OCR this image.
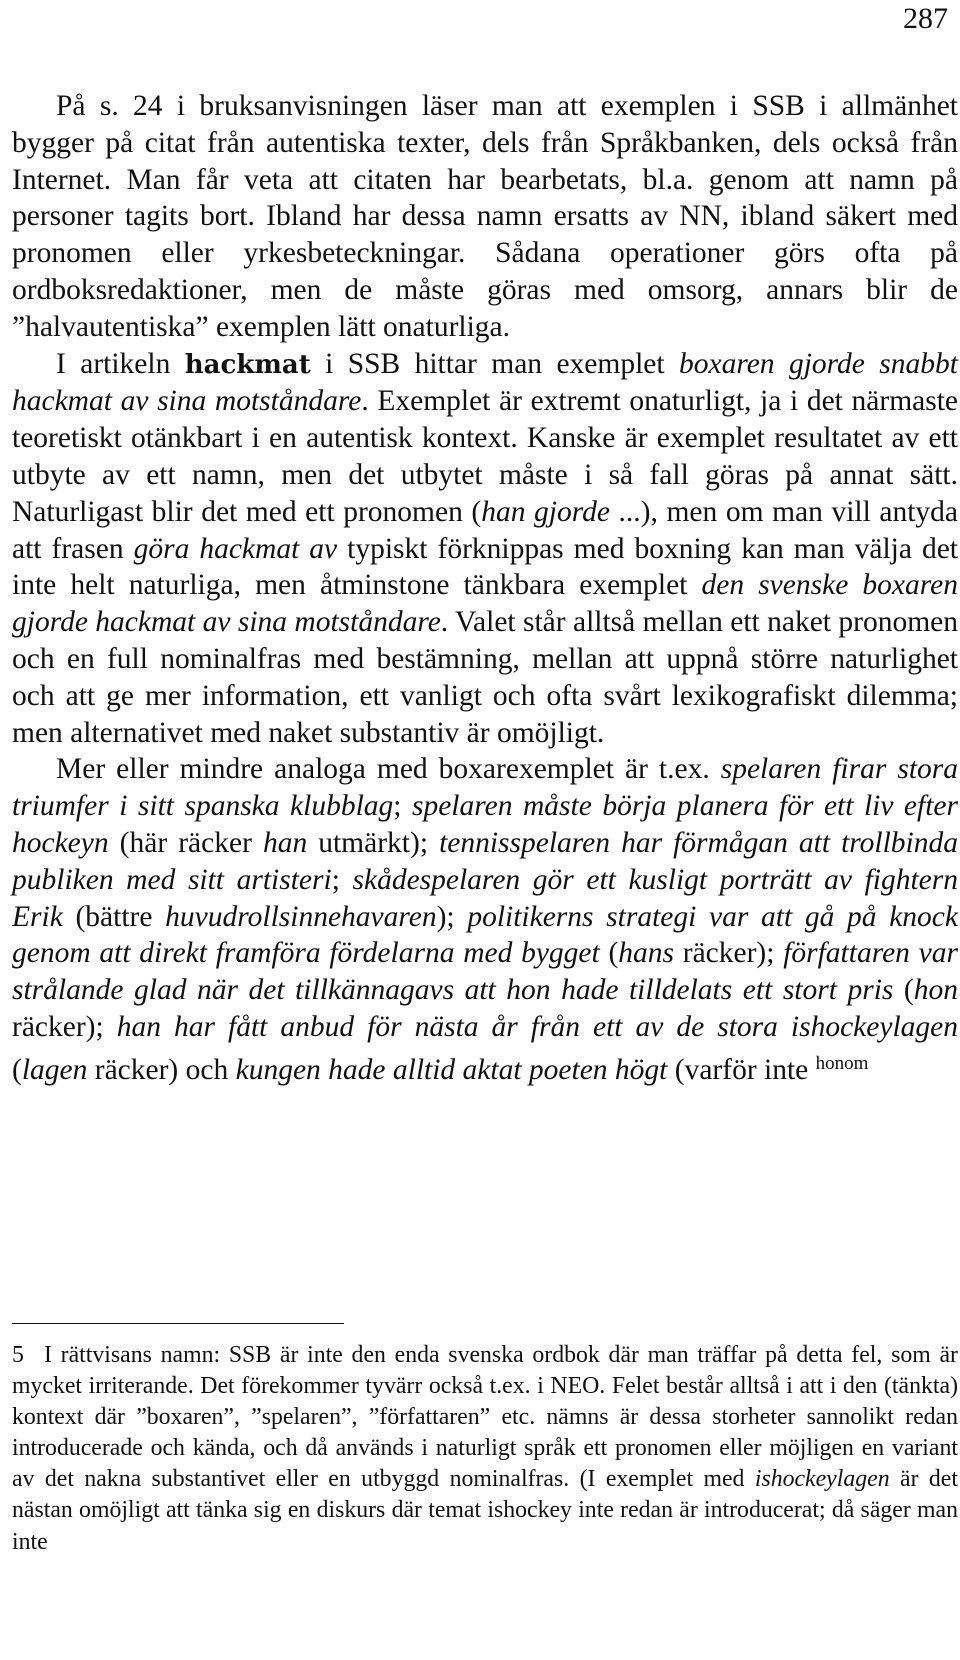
287

På s. 24 i bruksanvisningen läser man att exemplen i SSB i allmänhet bygger på citat från autentiska texter, dels från Språkbanken, dels också från Internet. Man får veta att citaten har bearbetats, bl.a. genom att namn på personer tagits bort. Ibland har dessa namn ersatts av NN, ibland säkert med pronomen eller yrkesbeteckningar. Sådana operationer görs ofta på ordboksredaktioner, men de måste göras med omsorg, annars blir de ”halvautentiska” exemplen lätt onaturliga.

I artikeln hackmat i SSB hittar man exemplet boxaren gjorde snabbt hackmat av sina motståndare. Exemplet är extremt onaturligt, ja i det närmaste teoretiskt otänkbart i en autentisk kontext. Kanske är exemplet resultatet av ett utbyte av ett namn, men det utbytet måste i så fall göras på annat sätt. Naturligast blir det med ett pronomen (han gjorde ...), men om man vill antyda att frasen göra hackmat av typiskt förknippas med boxning kan man välja det inte helt naturliga, men åtminstone tänkbara exemplet den svenske boxaren gjorde hackmat av sina motståndare. Valet står alltså mellan ett naket pronomen och en full nominalfras med bestämning, mellan att uppnå större naturlighet och att ge mer information, ett vanligt och ofta svårt lexikografiskt dilemma; men alternativet med naket substantiv är omöjligt.

Mer eller mindre analoga med boxarexemplet är t.ex. spelaren firar stora triumfer i sitt spanska klubblag; spelaren måste börja planera för ett liv efter hockeyn (här räcker han utmärkt); tennisspelaren har förmågan att trollbinda publiken med sitt artisteri; skådespelaren gör ett kusligt porträtt av fightern Erik (bättre huvudrollsinnehavaren); politikerns strategi var att gå på knock genom att direkt framföra fördelarna med bygget (hans räcker); författaren var strålande glad när det tillkännagavs att hon hade tilldelats ett stort pris (hon räcker); han har fått anbud för nästa år från ett av de stora ishockeylagen (lagen räcker) och kungen hade alltid aktat poeten högt (varför inte $^{honom}$

5 I rättvisans namn: SSB är inte den enda svenska ordbok där man träffar på detta fel, som är mycket irriterande. Det förekommer tyvärr också t.ex. i NEO. Felet består alltså i att i den (tänkta) kontext där ”boxaren”, ”spelaren”, ”författaren” etc. nämns är dessa storheter sannolikt redan introducerade och kända, och då används i naturligt språk ett pronomen eller möjligen en variant av det nakna substantivet eller en utbyggd nominalfras. (I exemplet med ishockeylagen är det nästan omöjligt att tänka sig en diskurs där temat ishockey inte redan är introducerat; då säger man inte
